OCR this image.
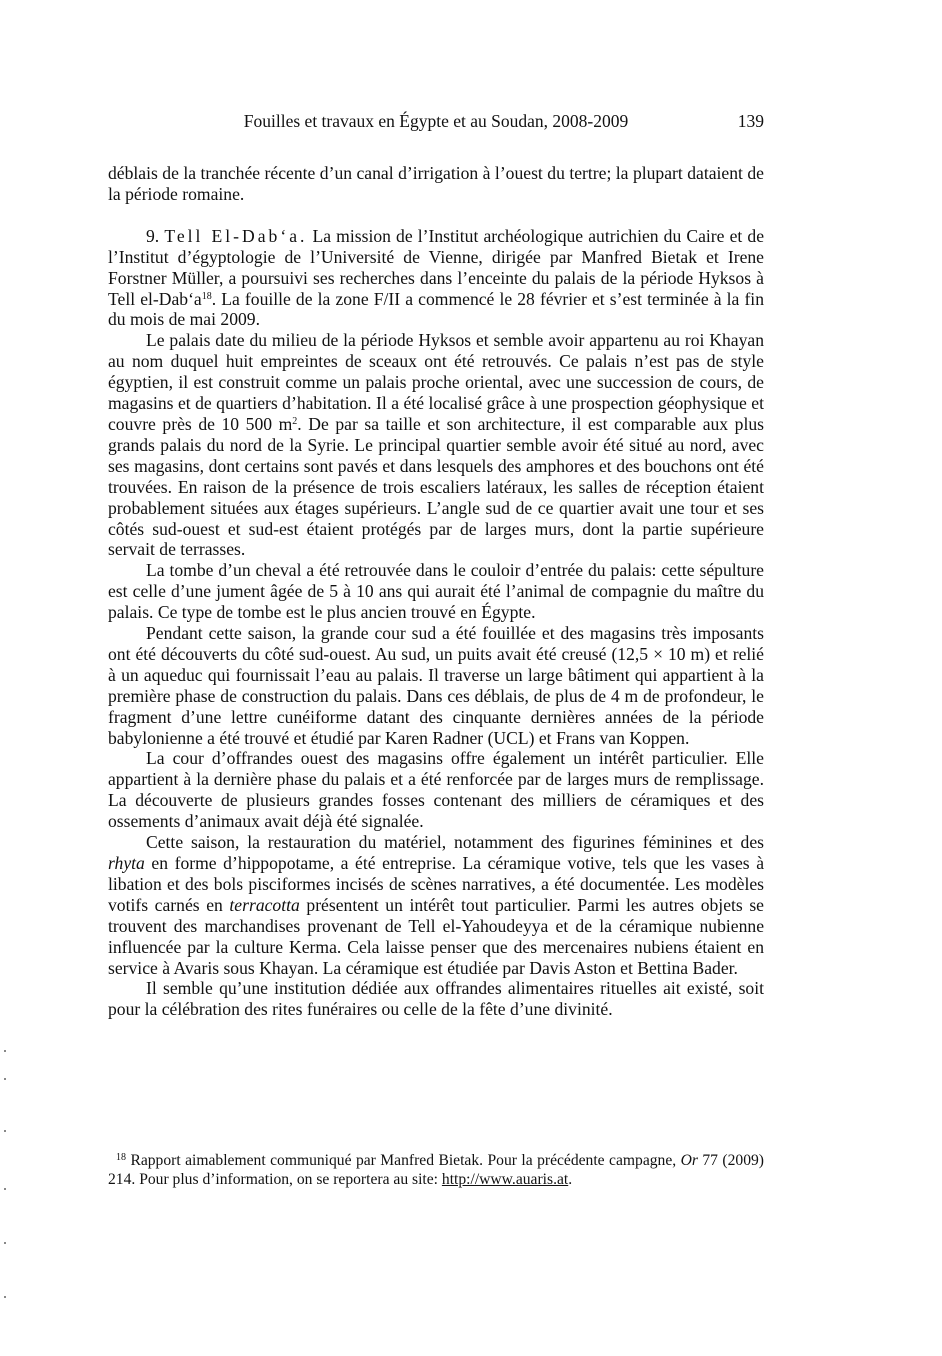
Fouilles et travaux en Égypte et au Soudan, 2008-2009	139

déblais de la tranchée récente d’un canal d’irrigation à l’ouest du tertre; la plupart dataient de la période romaine.

9. Tell El-Dab‘a. La mission de l’Institut archéologique autrichien du Caire et de l’Institut d’égyptologie de l’Université de Vienne, dirigée par Manfred Bietak et Irene Forstner Müller, a poursuivi ses recherches dans l’enceinte du palais de la période Hyksos à Tell $el-Dab‘a^{18}$. La fouille de la zone F/II a commencé le 28 février et s’est terminée à la fin du mois de mai 2009.

Le palais date du milieu de la période Hyksos et semble avoir appartenu au roi Khayan au nom duquel huit empreintes de sceaux ont été retrouvés. Ce palais n’est pas de style égyptien, il est construit comme un palais proche oriental, avec une succession de cours, de magasins et de quartiers d’habitation. Il a été localisé grâce à une prospection géophysique et couvre près de 10 500 $m^2$. De par sa taille et son architecture, il est comparable aux plus grands palais du nord de la Syrie. Le principal quartier semble avoir été situé au nord, avec ses magasins, dont certains sont pavés et dans lesquels des amphores et des bouchons ont été trouvées. En raison de la présence de trois escaliers latéraux, les salles de réception étaient probablement situées aux étages supérieurs. L’angle sud de ce quartier avait une tour et ses côtés sud-ouest et sud-est étaient protégés par de larges murs, dont la partie supérieure servait de terrasses.

La tombe d’un cheval a été retrouvée dans le couloir d’entrée du palais: cette sépulture est celle d’une jument âgée de 5 à 10 ans qui aurait été l’animal de compagnie du maître du palais. Ce type de tombe est le plus ancien trouvé en Égypte.

Pendant cette saison, la grande cour sud a été fouillée et des magasins très imposants ont été découverts du côté sud-ouest. Au sud, un puits avait été creusé (12,5 × 10 m) et relié à un aqueduc qui fournissait l’eau au palais. Il traverse un large bâtiment qui appartient à la première phase de construction du palais. Dans ces déblais, de plus de 4 m de profondeur, le fragment d’une lettre cunéiforme datant des cinquante dernières années de la période babylonienne a été trouvé et étudié par Karen Radner (UCL) et Frans van Koppen.

La cour d’offrandes ouest des magasins offre également un intérêt particulier. Elle appartient à la dernière phase du palais et a été renforcée par de larges murs de remplissage. La découverte de plusieurs grandes fosses contenant des milliers de céramiques et des ossements d’animaux avait déjà été signalée.

Cette saison, la restauration du matériel, notamment des figurines féminines et des rhyta en forme d’hippopotame, a été entreprise. La céramique votive, tels que les vases à libation et des bols pisciformes incisés de scènes narratives, a été documentée. Les modèles votifs carnés en terracotta présentent un intérêt tout particulier. Parmi les autres objets se trouvent des marchandises provenant de Tell el-Yahoudeyya et de la céramique nubienne influencée par la culture Kerma. Cela laisse penser que des mercenaires nubiens étaient en service à Avaris sous Khayan. La céramique est étudiée par Davis Aston et Bettina Bader.

Il semble qu’une institution dédiée aux offrandes alimentaires rituelles ait existé, soit pour la célébration des rites funéraires ou celle de la fête d’une divinité.

$^{18}$ Rapport aimablement communiqué par Manfred Bietak. Pour la précédente campagne, Or 77 (2009) 214. Pour plus d’information, on se reportera au site: http://www.auaris.at.
